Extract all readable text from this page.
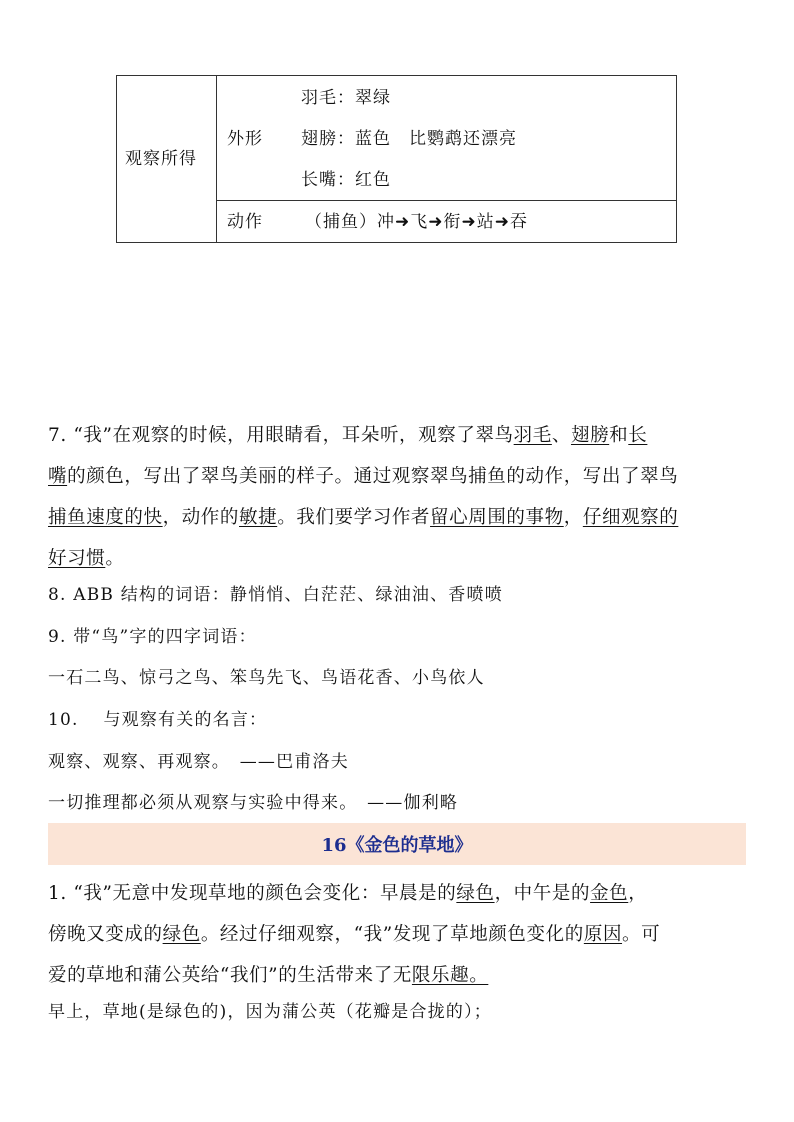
观察所得
外形
羽毛：翠绿
翅膀：蓝色　比鹦鹉还漂亮
长嘴：红色
动作 （捕鱼）冲➜飞➜衔➜站➜吞
7. “我”在观察的时候，用眼睛看，耳朵听，观察了翠鸟羽毛、翅膀和长
嘴的颜色，写出了翠鸟美丽的样子。通过观察翠鸟捕鱼的动作，写出了翠鸟
捕鱼速度的快，动作的敏捷。我们要学习作者留心周围的事物，仔细观察的
好习惯。
8. ABB 结构的词语：静悄悄、白茫茫、绿油油、香喷喷
9. 带“鸟”字的四字词语：
一石二鸟、惊弓之鸟、笨鸟先飞、鸟语花香、小鸟依人
10.　 与观察有关的名言：
观察、观察、再观察。　——巴甫洛夫
一切推理都必须从观察与实验中得来。　——伽利略
16《金色的草地》
1. “我”无意中发现草地的颜色会变化：早晨是的绿色，中午是的金色，
傍晚又变成的绿色。经过仔细观察，“我”发现了草地颜色变化的原因。可
爱的草地和蒲公英给“我们”的生活带来了无限乐趣。
早上，草地(是绿色的)，因为蒲公英（花瓣是合拢的）；
